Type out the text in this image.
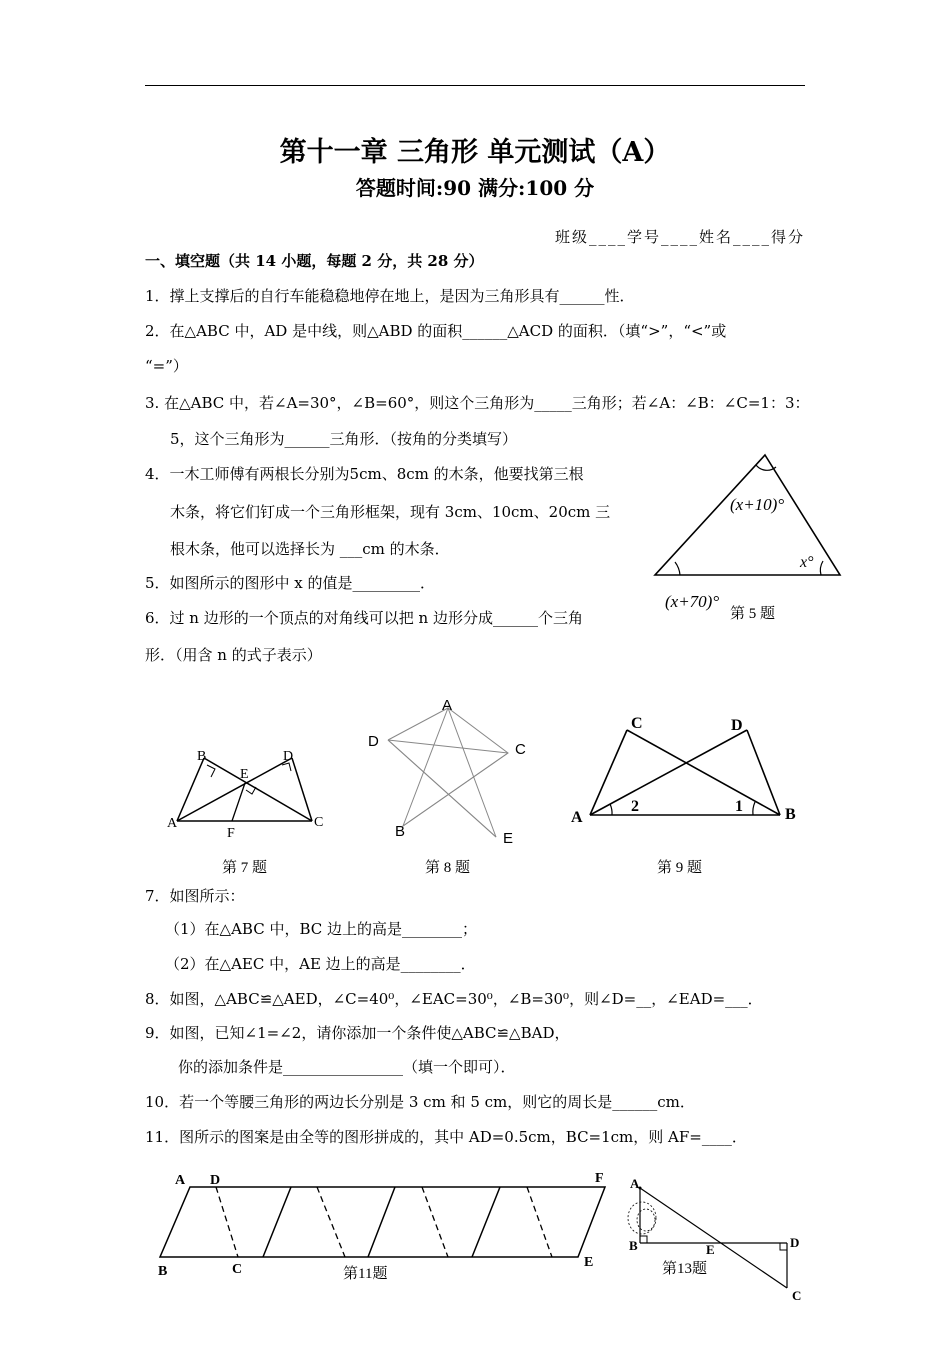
第十一章 三角形 单元测试（A）
答题时间:90 满分:100 分
班级____学号____姓名____得分
一、填空题（共 14 小题，每题 2 分，共 28 分）
1．撑上支撑后的自行车能稳稳地停在地上，是因为三角形具有______性．
2．在△ABC 中，AD 是中线，则△ABD 的面积______△ACD 的面积．（填“>”，“<”或
“=”）
3. 在△ABC 中，若∠A=30°，∠B=60°，则这个三角形为_____三角形；若∠A：∠B：∠C=1：3：
5，这个三角形为______三角形．（按角的分类填写）
4．一木工师傅有两根长分别为5cm、8cm 的木条，他要找第三根
木条，将它们钉成一个三角形框架，现有 3cm、10cm、20cm 三
根木条，他可以选择长为 ___cm 的木条．
5．如图所示的图形中 x 的值是_________．
6．过 n 边形的一个顶点的对角线可以把 n 边形分成______个三角
形．（用含 n 的式子表示）
(x+10)°
x°
(x+70)°
第 5 题
A
B
E
D
C
F
第 7 题
A
D	C
B	E
第 8 题
C	D
A	B
2	1
第 9 题
7．如图所示：
（1）在△ABC 中，BC 边上的高是________；
（2）在△AEC 中，AE 边上的高是________．
8．如图，△ABC≌△AED，∠C=40⁰，∠EAC=30⁰，∠B=30⁰，则∠D=__，∠EAD=___．
9．如图，已知∠1=∠2，请你添加一个条件使△ABC≌△BAD，
你的添加条件是________________（填一个即可）．
10．若一个等腰三角形的两边长分别是 3 cm 和 5 cm，则它的周长是______cm．
11．图所示的图案是由全等的图形拼成的，其中 AD=0.5cm，BC=1cm，则 AF=____．
A D	F
B	C	E
第11题
A
B	E	D
C
第13题
